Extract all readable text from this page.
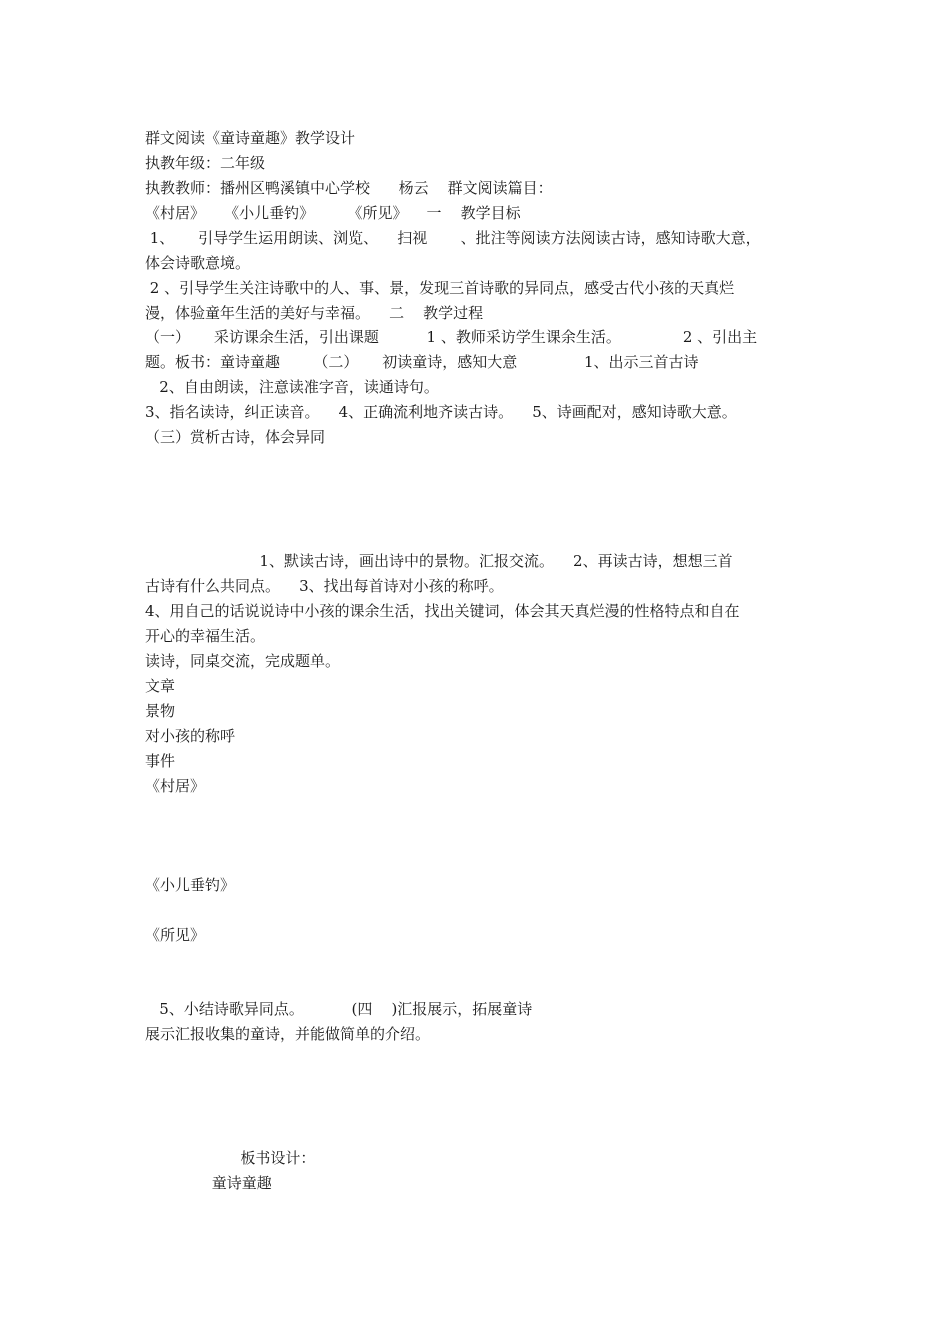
群文阅读《童诗童趣》教学设计
执教年级：二年级
执教教师：播州区鸭溪镇中心学校      杨云    群文阅读篇目：
《村居》    《小儿垂钓》       《所见》    一    教学目标
1、     引导学生运用朗读、浏览、    扫视       、批注等阅读方法阅读古诗，感知诗歌大意，
体会诗歌意境。
2 、引导学生关注诗歌中的人、事、景，发现三首诗歌的异同点，感受古代小孩的天真烂
漫，体验童年生活的美好与幸福。    二    教学过程
（一）     采访课余生活，引出课题          1 、教师采访学生课余生活。             2 、引出主
题。板书：童诗童趣       （二）     初读童诗，感知大意              1、出示三首古诗
2、自由朗读，注意读准字音，读通诗句。
3、指名读诗，纠正读音。    4、正确流利地齐读古诗。    5、诗画配对，感知诗歌大意。
（三）赏析古诗，体会异同
1、默读古诗，画出诗中的景物。汇报交流。    2、再读古诗，想想三首
古诗有什么共同点。    3、找出每首诗对小孩的称呼。
4、用自己的话说说诗中小孩的课余生活，找出关键词，体会其天真烂漫的性格特点和自在
开心的幸福生活。
读诗，同桌交流，完成题单。
文章
景物
对小孩的称呼
事件
《村居》
《小儿垂钓》
《所见》
5、小结诗歌异同点。          (四    )汇报展示，拓展童诗
展示汇报收集的童诗，并能做简单的介绍。
板书设计：
童诗童趣
